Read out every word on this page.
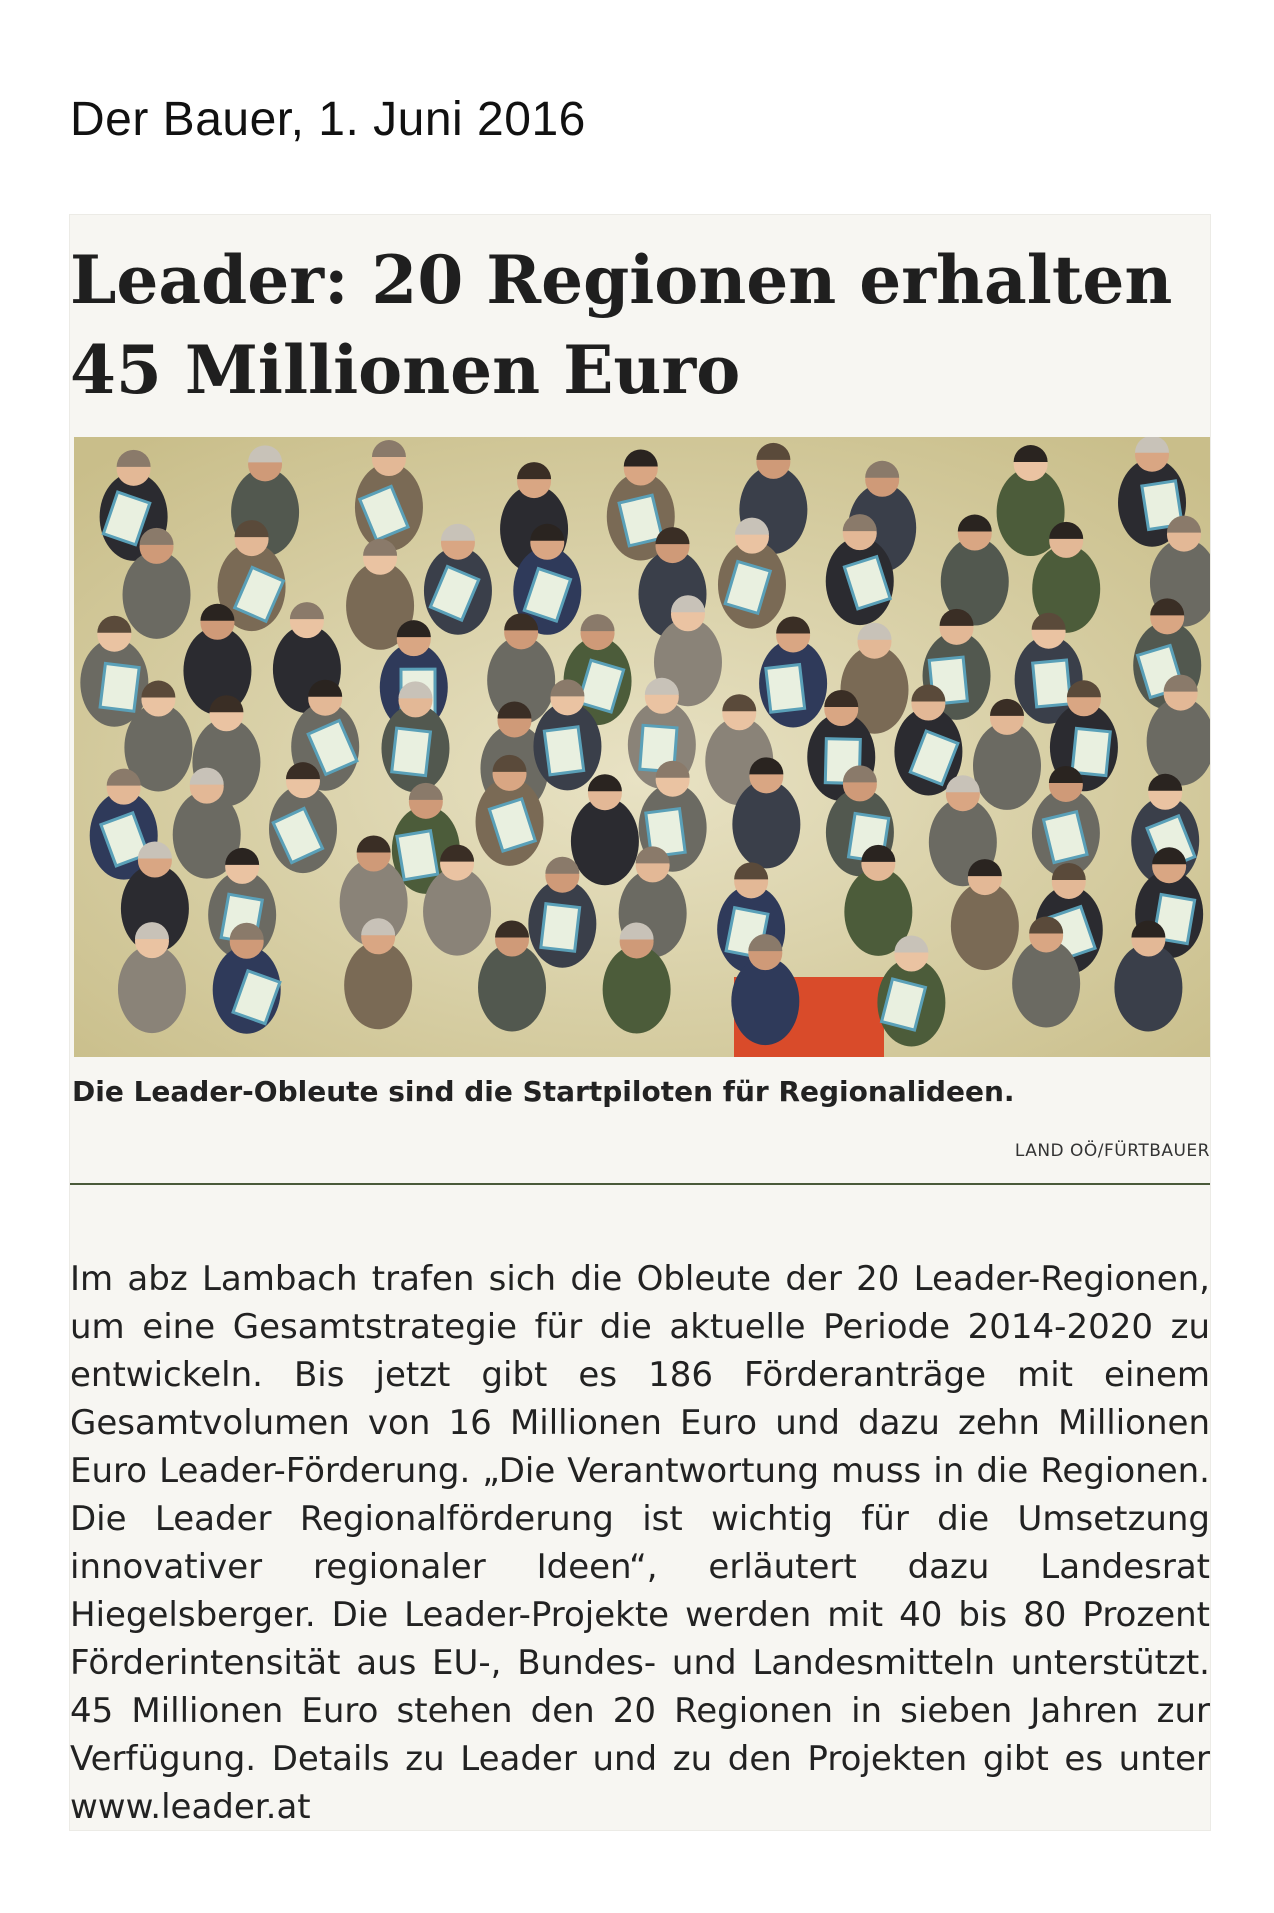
Der Bauer, 1. Juni 2016
Leader: 20 Regionen erhalten 45 Millionen Euro
Die Leader-Obleute sind die Startpiloten für Regionalideen.
LAND OÖ/FÜRTBAUER
Im abz Lambach trafen sich die Obleute der 20 Leader-Regionen, um eine Gesamtstrategie für die aktuelle Periode 2014-2020 zu entwickeln. Bis jetzt gibt es 186 Förderanträge mit einem Gesamtvolumen von 16 Millionen Euro und dazu zehn Millionen Euro Leader-Förderung. „Die Verantwortung muss in die Regionen. Die Leader Regionalförderung ist wichtig für die Umsetzung innovativer regionaler Ideen“, erläutert dazu Landesrat Hiegelsberger. Die Leader-Projekte werden mit 40 bis 80 Prozent Förderintensität aus EU-, Bundes- und Landesmitteln unterstützt. 45 Millionen Euro stehen den 20 Regionen in sieben Jahren zur Verfügung. Details zu Leader und zu den Projekten gibt es unter www.leader.at
